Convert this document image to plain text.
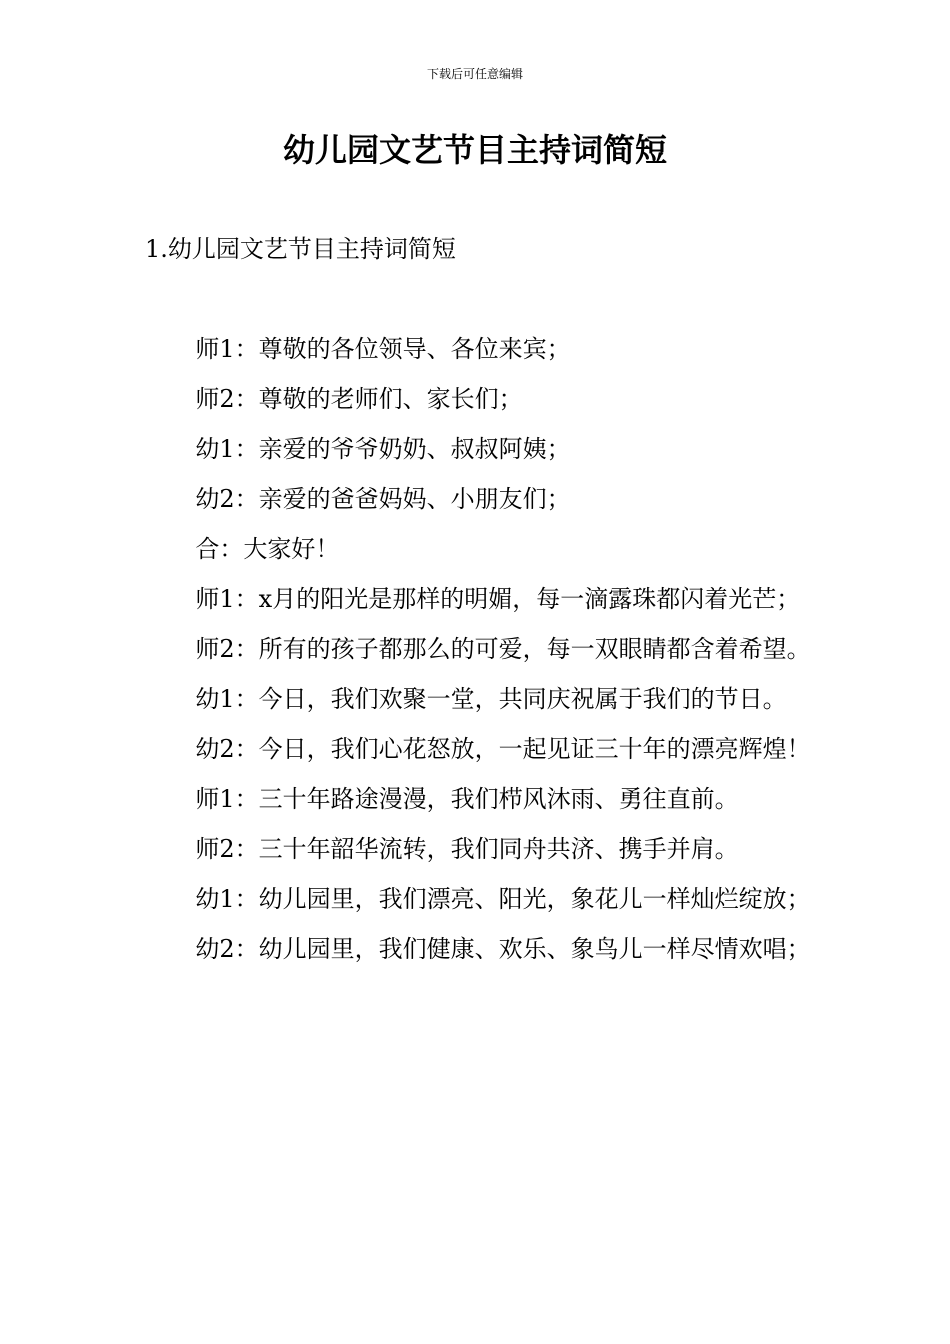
下载后可任意编辑
幼儿园文艺节目主持词简短
1.幼儿园文艺节目主持词简短

师1：尊敬的各位领导、各位来宾；

师2：尊敬的老师们、家长们；

幼1：亲爱的爷爷奶奶、叔叔阿姨；

幼2：亲爱的爸爸妈妈、小朋友们；

合：大家好！

师1：x月的阳光是那样的明媚，每一滴露珠都闪着光芒；

师2：所有的孩子都那么的可爱，每一双眼睛都含着希望。

幼1：今日，我们欢聚一堂，共同庆祝属于我们的节日。

幼2：今日，我们心花怒放，一起见证三十年的漂亮辉煌！

师1：三十年路途漫漫，我们栉风沐雨、勇往直前。

师2：三十年韶华流转，我们同舟共济、携手并肩。

幼1：幼儿园里，我们漂亮、阳光，象花儿一样灿烂绽放；

幼2：幼儿园里，我们健康、欢乐、象鸟儿一样尽情欢唱；
